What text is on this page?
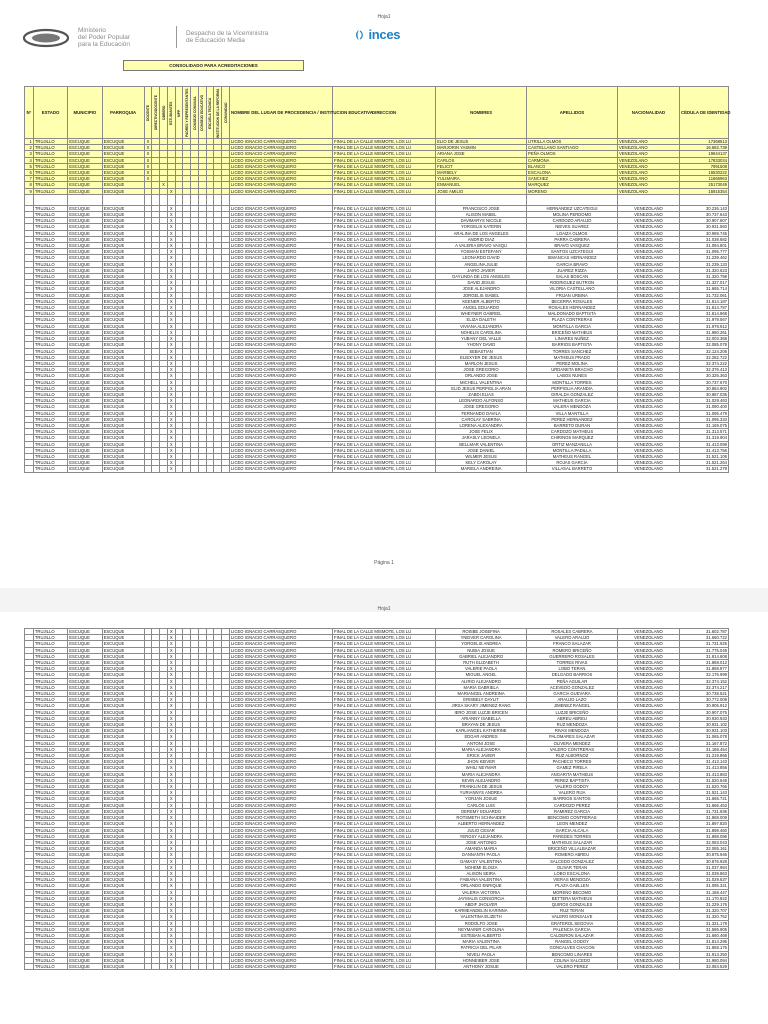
Hoja1
Ministerio
del Poder Popular
para la Educación
Despacho de la Viceministra
de Educación Media	inces
CONSOLIDADO PARA ACREDITACIONES
N°	ESTADO	MUNICIPIO	PARROQUIA	DOCENTE	DIRECTIVO/DOCENTE	OBRERO	ESTUDIANTES	MPP	PADRES Y REPRESENTANTES	CONSEJO COMUNAL	CONSEJO EDUCATIVO	ESCUELA TECNICA	INSTITUCION DE LA REFORMA	COMUNIDAD	NOMBRE DEL LUGAR DE PROCEDENCIA / INSTITUCION EDUCATIVA	DIRECCION	NOMBRES	APELLIDOS	NACIONALIDAD	CÉDULA DE IDENTIDAD
1	TRUJILLO	ESCUQUE	ESCUQUE	X											LICEO IGNACIO CARRASQUERO	FINAL DE LA CALLE MISMOTE, LOS LU	ELIO DE JESUS	UTRILLA OLMOS	VENEZOLANO	17368513
2	TRUJILLO	ESCUQUE	ESCUQUE	X											LICEO IGNACIO CARRASQUERO	FINAL DE LA CALLE MISMOTE, LOS LU	MARJORIN YASMIN	CASTELLANO SANTIAGO	VENEZOLANO	16.682.739
3	TRUJILLO	ESCUQUE	ESCUQUE	X											LICEO IGNACIO CARRASQUERO	FINAL DE LA CALLE MISMOTE, LOS LU	ARIANA JOSE	PEÑA OLMOS	VENEZOLANO	19644137
4	TRUJILLO	ESCUQUE	ESCUQUE	X											LICEO IGNACIO CARRASQUERO	FINAL DE LA CALLE MISMOTE, LOS LU	CARLOS	CARMONA	VENEZOLANO	17833034
5	TRUJILLO	ESCUQUE	ESCUQUE	X											LICEO IGNACIO CARRASQUERO	FINAL DE LA CALLE MISMOTE, LOS LU	FELICIT	BLANCO	VENEZOLANO	7991508
6	TRUJILLO	ESCUQUE	ESCUQUE	X											LICEO IGNACIO CARRASQUERO	FINAL DE LA CALLE MISMOTE, LOS LU	MARBELY	ESCALONA	VENEZOLANO	16530222
7	TRUJILLO	ESCUQUE	ESCUQUE	X											LICEO IGNACIO CARRASQUERO	FINAL DE LA CALLE MISMOTE, LOS LU	YULIMAIRA	SANCHEZ	VENEZOLANO	11666963
8	TRUJILLO	ESCUQUE	ESCUQUE			X									LICEO IGNACIO CARRASQUERO	FINAL DE LA CALLE MISMOTE, LOS LU	ENMANUEL	MARQUEZ	VENEZOLANO	25173049
9	TRUJILLO	ESCUQUE	ESCUQUE				X								LICEO IGNACIO CARRASQUERO	FINAL DE LA CALLE MISMOTE, LOS LU	JOSE AMILIO	MORENO	VENEZOLANO	15915354

	TRUJILLO	ESCUQUE	ESCUQUE				X								LICEO IGNACIO CARRASQUERO	FINAL DE LA CALLE MISMOTE, LOS LU	FRANCISCO JOSE	HERNANDEZ UZCATEGUI	VENEZOLANO	30.236.143
	TRUJILLO	ESCUQUE	ESCUQUE				X								LICEO IGNACIO CARRASQUERO	FINAL DE LA CALLE MISMOTE, LOS LU	ALISON MABEL	MOLINA PERDOMO	VENEZOLANO	30.737.643
	TRUJILLO	ESCUQUE	ESCUQUE				X								LICEO IGNACIO CARRASQUERO	FINAL DE LA CALLE MISMOTE, LOS LU	DAVIMARYS NICOLE	CARDOZO ARAUJO	VENEZOLANO	30.907.807
	TRUJILLO	ESCUQUE	ESCUQUE				X								LICEO IGNACIO CARRASQUERO	FINAL DE LA CALLE MISMOTE, LOS LU	YORGELIS KATERIN	NIEVES SUAREZ	VENEZOLANO	30.931.560
	TRUJILLO	ESCUQUE	ESCUQUE				X								LICEO IGNACIO CARRASQUERO	FINAL DE LA CALLE MISMOTE, LOS LU	ARALINA DE LOS ANGELES	LOAIZA OLMOS	VENEZOLANO	30.989.745
	TRUJILLO	ESCUQUE	ESCUQUE				X								LICEO IGNACIO CARRASQUERO	FINAL DE LA CALLE MISMOTE, LOS LU	ANDRID DIAZ	PARRA CABRERA	VENEZOLANO	31.039.682
	TRUJILLO	ESCUQUE	ESCUQUE				X								LICEO IGNACIO CARRASQUERO	FINAL DE LA CALLE MISMOTE, LOS LU	A VALERIA BRAVO VASQU	BRAVO VASQUEZ	VENEZOLANO	31.094.801
	TRUJILLO	ESCUQUE	ESCUQUE				X								LICEO IGNACIO CARRASQUERO	FINAL DE LA CALLE MISMOTE, LOS LU	YOSMAN ESTEFANY	SANTOS UZCATEGUI	VENEZOLANO	31.095.777
	TRUJILLO	ESCUQUE	ESCUQUE				X								LICEO IGNACIO CARRASQUERO	FINAL DE LA CALLE MISMOTE, LOS LU	LEONARDO DAVID	SIMANCAS HERNANDEZ	VENEZOLANO	31.239.462
	TRUJILLO	ESCUQUE	ESCUQUE				X								LICEO IGNACIO CARRASQUERO	FINAL DE LA CALLE MISMOTE, LOS LU	ANGELINA JULIE	GARCIA BRAVO	VENEZOLANO	31.239.133
	TRUJILLO	ESCUQUE	ESCUQUE				X								LICEO IGNACIO CARRASQUERO	FINAL DE LA CALLE MISMOTE, LOS LU	JAIRO JAVIER	JUAREZ RIZZA	VENEZOLANO	31.320.623
	TRUJILLO	ESCUQUE	ESCUQUE				X								LICEO IGNACIO CARRASQUERO	FINAL DE LA CALLE MISMOTE, LOS LU	DAYLINDA DE LOS ANGELES	SALAS BOSCAN	VENEZOLANO	31.320.798
	TRUJILLO	ESCUQUE	ESCUQUE				X								LICEO IGNACIO CARRASQUERO	FINAL DE LA CALLE MISMOTE, LOS LU	DAVID JESUS	RODRIGUEZ BUTRON	VENEZOLANO	31.327.017
	TRUJILLO	ESCUQUE	ESCUQUE				X								LICEO IGNACIO CARRASQUERO	FINAL DE LA CALLE MISMOTE, LOS LU	JOSE ALEJANDRO	VILORIA CASTELLANO	VENEZOLANO	31.665.714
	TRUJILLO	ESCUQUE	ESCUQUE				X								LICEO IGNACIO CARRASQUERO	FINAL DE LA CALLE MISMOTE, LOS LU	JORGELIS ISABEL	FRIJAN URBINA	VENEZOLANO	31.732.061
	TRUJILLO	ESCUQUE	ESCUQUE				X								LICEO IGNACIO CARRASQUERO	FINAL DE LA CALLE MISMOTE, LOS LU	KEENER ALBERTO	BECERRA ROSALES	VENEZOLANO	31.814.187
	TRUJILLO	ESCUQUE	ESCUQUE				X								LICEO IGNACIO CARRASQUERO	FINAL DE LA CALLE MISMOTE, LOS LU	ANGEL EDUARDO	ROSALES HERNANDEZ	VENEZOLANO	31.814.787
	TRUJILLO	ESCUQUE	ESCUQUE				X								LICEO IGNACIO CARRASQUERO	FINAL DE LA CALLE MISMOTE, LOS LU	WHEYNER GABRIEL	MALDONADO BAPTISTA	VENEZOLANO	31.814.868
	TRUJILLO	ESCUQUE	ESCUQUE				X								LICEO IGNACIO CARRASQUERO	FINAL DE LA CALLE MISMOTE, LOS LU	ELIZA DALETH	PLAZA CONTRERAS	VENEZOLANO	31.979.567
	TRUJILLO	ESCUQUE	ESCUQUE				X								LICEO IGNACIO CARRASQUERO	FINAL DE LA CALLE MISMOTE, LOS LU	VIVIANA ALEJANDRA	MONTILLA GARCIA	VENEZOLANO	31.979.912
	TRUJILLO	ESCUQUE	ESCUQUE				X								LICEO IGNACIO CARRASQUERO	FINAL DE LA CALLE MISMOTE, LOS LU	NOHELIS CAROLINA	BRICEÑO MATHEUS	VENEZOLANO	31.980.261
	TRUJILLO	ESCUQUE	ESCUQUE				X								LICEO IGNACIO CARRASQUERO	FINAL DE LA CALLE MISMOTE, LOS LU	YUBANY DEL VALLE	LINARES NUÑEZ	VENEZOLANO	32.003.368
	TRUJILLO	ESCUQUE	ESCUQUE				X								LICEO IGNACIO CARRASQUERO	FINAL DE LA CALLE MISMOTE, LOS LU	YHONY DAVID	BARRIOS BAPTISTA	VENEZOLANO	32.085.078
	TRUJILLO	ESCUQUE	ESCUQUE				X								LICEO IGNACIO CARRASQUERO	FINAL DE LA CALLE MISMOTE, LOS LU	SEBASTIAN	TORRES SANCHEZ	VENEZOLANO	32.124.206
	TRUJILLO	ESCUQUE	ESCUQUE				X								LICEO IGNACIO CARRASQUERO	FINAL DE LA CALLE MISMOTE, LOS LU	ELIEXYER DE JESUS	MATHEUS PRADO	VENEZOLANO	32.282.722
	TRUJILLO	ESCUQUE	ESCUQUE				X								LICEO IGNACIO CARRASQUERO	FINAL DE LA CALLE MISMOTE, LOS LU	MARLON JESUS	PEREZ MOLINA	VENEZOLANO	32.374.222
	TRUJILLO	ESCUQUE	ESCUQUE				X								LICEO IGNACIO CARRASQUERO	FINAL DE LA CALLE MISMOTE, LOS LU	JOSE GREGORIO	URDANETA BRACHO	VENEZOLANO	32.376.413
	TRUJILLO	ESCUQUE	ESCUQUE				X								LICEO IGNACIO CARRASQUERO	FINAL DE LA CALLE MISMOTE, LOS LU	ORLANDO JOSE	LABOS NUNES	VENEZOLANO	30.326.363
	TRUJILLO	ESCUQUE	ESCUQUE				X								LICEO IGNACIO CARRASQUERO	FINAL DE LA CALLE MISMOTE, LOS LU	MICHELL VALENTINA	MONTILLA TORRES	VENEZOLANO	30.737.670
	TRUJILLO	ESCUQUE	ESCUQUE				X								LICEO IGNACIO CARRASQUERO	FINAL DE LA CALLE MISMOTE, LOS LU	ELID JESUS PERPIGLIA ARAN	PERPIGLIA ARANDIA	VENEZOLANO	30.884.902
	TRUJILLO	ESCUQUE	ESCUQUE				X								LICEO IGNACIO CARRASQUERO	FINAL DE LA CALLE MISMOTE, LOS LU	ZABDI ELIAS	GIRALDA GONZALEZ	VENEZOLANO	30.887.035
	TRUJILLO	ESCUQUE	ESCUQUE				X								LICEO IGNACIO CARRASQUERO	FINAL DE LA CALLE MISMOTE, LOS LU	LEONARDO ALFONSO	MATHEUS GARCIA	VENEZOLANO	31.029.463
	TRUJILLO	ESCUQUE	ESCUQUE				X								LICEO IGNACIO CARRASQUERO	FINAL DE LA CALLE MISMOTE, LOS LU	JOSE GREGORIO	VALERA MENDOZA	VENEZOLANO	31.090.400
	TRUJILLO	ESCUQUE	ESCUQUE				X								LICEO IGNACIO CARRASQUERO	FINAL DE LA CALLE MISMOTE, LOS LU	FERNANDO DAVILA	VILLA MANTILLA	VENEZOLANO	31.095.479
	TRUJILLO	ESCUQUE	ESCUQUE				X								LICEO IGNACIO CARRASQUERO	FINAL DE LA CALLE MISMOTE, LOS LU	CAROLAY SABRINA	PEREZ HERNANDEZ	VENEZOLANO	31.095.333
	TRUJILLO	ESCUQUE	ESCUQUE				X								LICEO IGNACIO CARRASQUERO	FINAL DE LA CALLE MISMOTE, LOS LU	LORENA ALEXANDRA	BARRETO DURAN	VENEZOLANO	31.169.075
	TRUJILLO	ESCUQUE	ESCUQUE				X								LICEO IGNACIO CARRASQUERO	FINAL DE LA CALLE MISMOTE, LOS LU	JOSE FELIX	CARDOZO MATHEUS	VENEZOLANO	31.313.571
	TRUJILLO	ESCUQUE	ESCUQUE				X								LICEO IGNACIO CARRASQUERO	FINAL DE LA CALLE MISMOTE, LOS LU	JARASLY LEONELA	CHIRINOS MARQUEZ	VENEZOLANO	31.319.904
	TRUJILLO	ESCUQUE	ESCUQUE				X								LICEO IGNACIO CARRASQUERO	FINAL DE LA CALLE MISMOTE, LOS LU	BELLMAR VALENTINA	ORTIZ MANZANILLA	VENEZOLANO	31.413.099
	TRUJILLO	ESCUQUE	ESCUQUE				X								LICEO IGNACIO CARRASQUERO	FINAL DE LA CALLE MISMOTE, LOS LU	JOSE DANIEL	MONTILLA PADILLA	VENEZOLANO	31.413.756
	TRUJILLO	ESCUQUE	ESCUQUE				X								LICEO IGNACIO CARRASQUERO	FINAL DE LA CALLE MISMOTE, LOS LU	WILMER JESUS	MATHEUS RANGEL	VENEZOLANO	31.521.106
	TRUJILLO	ESCUQUE	ESCUQUE				X								LICEO IGNACIO CARRASQUERO	FINAL DE LA CALLE MISMOTE, LOS LU	KELY CAROLAY	ROJAS GARCIA	VENEZOLANO	31.521.264
	TRUJILLO	ESCUQUE	ESCUQUE				X								LICEO IGNACIO CARRASQUERO	FINAL DE LA CALLE MISMOTE, LOS LU	MARIELA ANDREINA	VILLASAL BARRETO	VENEZOLANO	31.521.278
Página 1
Hoja1
	TRUJILLO	ESCUQUE	ESCUQUE				X								LICEO IGNACIO CARRASQUERO	FINAL DE LA CALLE MISMOTE, LOS LU	ROSIBE JOSEFINA	ROSALES CABRERA	VENEZOLANO	31.602.787
	TRUJILLO	ESCUQUE	ESCUQUE				X								LICEO IGNACIO CARRASQUERO	FINAL DE LA CALLE MISMOTE, LOS LU	YNEIVER CAROLINA	VALERO ARAUJO	VENEZOLANO	31.660.722
	TRUJILLO	ESCUQUE	ESCUQUE				X								LICEO IGNACIO CARRASQUERO	FINAL DE LA CALLE MISMOTE, LOS LU	YORGELIS ANDREA	FRANCO SALAZAR	VENEZOLANO	31.731.925
	TRUJILLO	ESCUQUE	ESCUQUE				X								LICEO IGNACIO CARRASQUERO	FINAL DE LA CALLE MISMOTE, LOS LU	NUBIA JOSUE	ROMERO BRICEÑO	VENEZOLANO	31.775.049
	TRUJILLO	ESCUQUE	ESCUQUE				X								LICEO IGNACIO CARRASQUERO	FINAL DE LA CALLE MISMOTE, LOS LU	GABRIEL ALEJANDRO	GUERRERO ROSALES	VENEZOLANO	31.814.608
	TRUJILLO	ESCUQUE	ESCUQUE				X								LICEO IGNACIO CARRASQUERO	FINAL DE LA CALLE MISMOTE, LOS LU	RUTH ELIZABETH	TORRES RIVAS	VENEZOLANO	31.868.012
	TRUJILLO	ESCUQUE	ESCUQUE				X								LICEO IGNACIO CARRASQUERO	FINAL DE LA CALLE MISMOTE, LOS LU	VALERIE PAOLA	LOBO TERAN	VENEZOLANO	31.868.877
	TRUJILLO	ESCUQUE	ESCUQUE				X								LICEO IGNACIO CARRASQUERO	FINAL DE LA CALLE MISMOTE, LOS LU	MIGUEL ANGEL	DELGADO BARRIOS	VENEZOLANO	32.176.999
	TRUJILLO	ESCUQUE	ESCUQUE				X								LICEO IGNACIO CARRASQUERO	FINAL DE LA CALLE MISMOTE, LOS LU	ALIRIO ALEJANDRO	PEÑA AGUILAR	VENEZOLANO	32.374.152
	TRUJILLO	ESCUQUE	ESCUQUE				X								LICEO IGNACIO CARRASQUERO	FINAL DE LA CALLE MISMOTE, LOS LU	MARIA GABRIELA	ACEVEDO GONZALEZ	VENEZOLANO	32.374.217
	TRUJILLO	ESCUQUE	ESCUQUE				X								LICEO IGNACIO CARRASQUERO	FINAL DE LA CALLE MISMOTE, LOS LU	MARIANGEL ANDREINA	GARCIA GUEVARA	VENEZOLANO	30.738.521
	TRUJILLO	ESCUQUE	ESCUQUE				X								LICEO IGNACIO CARRASQUERO	FINAL DE LA CALLE MISMOTE, LOS LU	ERISBELY DAYLIT	ARAUJO LAZO	VENEZOLANO	30.772.008
	TRUJILLO	ESCUQUE	ESCUQUE				X								LICEO IGNACIO CARRASQUERO	FINAL DE LA CALLE MISMOTE, LOS LU	JIRSA SKARY JIMENEZ RANG	JIMENEZ RANGEL	VENEZOLANO	30.905.912
	TRUJILLO	ESCUQUE	ESCUQUE				X								LICEO IGNACIO CARRASQUERO	FINAL DE LA CALLE MISMOTE, LOS LU	IERO JOSE LUZJE BRICEN	LUZJE BRICEÑO	VENEZOLANO	30.907.075
	TRUJILLO	ESCUQUE	ESCUQUE				X								LICEO IGNACIO CARRASQUERO	FINAL DE LA CALLE MISMOTE, LOS LU	ARIANNY ISABELLA	ABREU ABREU	VENEZOLANO	30.930.933
	TRUJILLO	ESCUQUE	ESCUQUE				X								LICEO IGNACIO CARRASQUERO	FINAL DE LA CALLE MISMOTE, LOS LU	BRAYAN DE JESUS	RUZ MENDOZA	VENEZOLANO	30.931.102
	TRUJILLO	ESCUQUE	ESCUQUE				X								LICEO IGNACIO CARRASQUERO	FINAL DE LA CALLE MISMOTE, LOS LU	KARLIANGEL KATHERINE	RIVAS MENDOZA	VENEZOLANO	30.931.103
	TRUJILLO	ESCUQUE	ESCUQUE				X								LICEO IGNACIO CARRASQUERO	FINAL DE LA CALLE MISMOTE, LOS LU	EDGAR ANDRES	PALOMARES SALAZAR	VENEZOLANO	31.065.078
	TRUJILLO	ESCUQUE	ESCUQUE				X								LICEO IGNACIO CARRASQUERO	FINAL DE LA CALLE MISMOTE, LOS LU	ANTONI JOSE	OLIVERA MENDEZ	VENEZOLANO	31.167.872
	TRUJILLO	ESCUQUE	ESCUQUE				X								LICEO IGNACIO CARRASQUERO	FINAL DE LA CALLE MISMOTE, LOS LU	MARIA ALEJANDRA	VALERO CONTRERAS	VENEZOLANO	31.168.454
	TRUJILLO	ESCUQUE	ESCUQUE				X								LICEO IGNACIO CARRASQUERO	FINAL DE LA CALLE MISMOTE, LOS LU	ERICK JAVIER	RUZ ALBORNOZ	VENEZOLANO	31.219.866
	TRUJILLO	ESCUQUE	ESCUQUE				X								LICEO IGNACIO CARRASQUERO	FINAL DE LA CALLE MISMOTE, LOS LU	JHON KEIVER	PACHECO TORRES	VENEZOLANO	31.413.143
	TRUJILLO	ESCUQUE	ESCUQUE				X								LICEO IGNACIO CARRASQUERO	FINAL DE LA CALLE MISMOTE, LOS LU	WHILI NEYMAR	GAMEZ PIRELA	VENEZOLANO	31.413.856
	TRUJILLO	ESCUQUE	ESCUQUE				X								LICEO IGNACIO CARRASQUERO	FINAL DE LA CALLE MISMOTE, LOS LU	MARIA ALEJANDRA	ANGARITA MATHEUS	VENEZOLANO	31.413.883
	TRUJILLO	ESCUQUE	ESCUQUE				X								LICEO IGNACIO CARRASQUERO	FINAL DE LA CALLE MISMOTE, LOS LU	KEVIN ALEJANDRO	PEREZ BAPTISTA	VENEZOLANO	31.520.649
	TRUJILLO	ESCUQUE	ESCUQUE				X								LICEO IGNACIO CARRASQUERO	FINAL DE LA CALLE MISMOTE, LOS LU	FRANKLIN DE JESUS	VALERO GODOY	VENEZOLANO	31.520.766
	TRUJILLO	ESCUQUE	ESCUQUE				X								LICEO IGNACIO CARRASQUERO	FINAL DE LA CALLE MISMOTE, LOS LU	YURIANNYS ANDREA	VALERO RIJA	VENEZOLANO	31.521.143
	TRUJILLO	ESCUQUE	ESCUQUE				X								LICEO IGNACIO CARRASQUERO	FINAL DE LA CALLE MISMOTE, LOS LU	YORJAN JOSUE	BARRIOS SANTOS	VENEZOLANO	31.665.721
	TRUJILLO	ESCUQUE	ESCUQUE				X								LICEO IGNACIO CARRASQUERO	FINAL DE LA CALLE MISMOTE, LOS LU	CARLOS LUIS	CARDOZO PEREZ	VENEZOLANO	31.666.453
	TRUJILLO	ESCUQUE	ESCUQUE				X								LICEO IGNACIO CARRASQUERO	FINAL DE LA CALLE MISMOTE, LOS LU	DEREMY EDUARDO	RAMIREZ GARCIA	VENEZOLANO	31.731.936
	TRUJILLO	ESCUQUE	ESCUQUE				X								LICEO IGNACIO CARRASQUERO	FINAL DE LA CALLE MISMOTE, LOS LU	ROTSMETH SCHNAIDER	BENCOMO CONTRERAS	VENEZOLANO	31.868.009
	TRUJILLO	ESCUQUE	ESCUQUE				X								LICEO IGNACIO CARRASQUERO	FINAL DE LA CALLE MISMOTE, LOS LU	ALBERTO HERNANDEZ	LEON MENDEZ	VENEZOLANO	31.897.820
	TRUJILLO	ESCUQUE	ESCUQUE				X								LICEO IGNACIO CARRASQUERO	FINAL DE LA CALLE MISMOTE, LOS LU	JULIO CESAR	GARCIA ALCALA	VENEZOLANO	31.898.460
	TRUJILLO	ESCUQUE	ESCUQUE				X								LICEO IGNACIO CARRASQUERO	FINAL DE LA CALLE MISMOTE, LOS LU	YERGSY ALEJANDRA	PAREDES TORRES	VENEZOLANO	31.898.096
	TRUJILLO	ESCUQUE	ESCUQUE				X								LICEO IGNACIO CARRASQUERO	FINAL DE LA CALLE MISMOTE, LOS LU	JOSE ANTONIO	MATHEUS SALAZAR	VENEZOLANO	32.083.043
	TRUJILLO	ESCUQUE	ESCUQUE				X								LICEO IGNACIO CARRASQUERO	FINAL DE LA CALLE MISMOTE, LOS LU	AMANDA MARIA	BRICEÑO VILLALBAZAR	VENEZOLANO	32.085.161
	TRUJILLO	ESCUQUE	ESCUQUE				X								LICEO IGNACIO CARRASQUERO	FINAL DE LA CALLE MISMOTE, LOS LU	DANNANTH PAOLA	ROMERO ABREU	VENEZOLANO	30.875.946
	TRUJILLO	ESCUQUE	ESCUQUE				X								LICEO IGNACIO CARRASQUERO	FINAL DE LA CALLE MISMOTE, LOS LU	DAMASY VALENTINA	SALCEDO GONZALEZ	VENEZOLANO	30.876.928
	TRUJILLO	ESCUQUE	ESCUQUE				X								LICEO IGNACIO CARRASQUERO	FINAL DE LA CALLE MISMOTE, LOS LU	NOHEMI ELOIZA	OLIVAR TERAN	VENEZOLANO	31.037.984
	TRUJILLO	ESCUQUE	ESCUQUE				X								LICEO IGNACIO CARRASQUERO	FINAL DE LA CALLE MISMOTE, LOS LU	ALISON SEIRA	LOBO ESCALONA	VENEZOLANO	31.039.863
	TRUJILLO	ESCUQUE	ESCUQUE				X								LICEO IGNACIO CARRASQUERO	FINAL DE LA CALLE MISMOTE, LOS LU	FABIANA VALENTINA	VIERAS MENDOZA	VENEZOLANO	31.029.637
	TRUJILLO	ESCUQUE	ESCUQUE				X								LICEO IGNACIO CARRASQUERO	FINAL DE LA CALLE MISMOTE, LOS LU	ORLANDO ENRIQUE	PLAZA GAELLEN	VENEZOLANO	31.095.321
	TRUJILLO	ESCUQUE	ESCUQUE				X								LICEO IGNACIO CARRASQUERO	FINAL DE LA CALLE MISMOTE, LOS LU	VALERIA VICTORIA	MORENO BECOMO	VENEZOLANO	31.168.447
	TRUJILLO	ESCUQUE	ESCUQUE				X								LICEO IGNACIO CARRASQUERO	FINAL DE LA CALLE MISMOTE, LOS LU	JAYMALIS CONSORCIA	BETTERA MATHEUS	VENEZOLANO	31.170.822
	TRUJILLO	ESCUQUE	ESCUQUE				X								LICEO IGNACIO CARRASQUERO	FINAL DE LA CALLE MISMOTE, LOS LU	ABDIF JHOLVER	QUIROS GONZALES	VENEZOLANO	31.229.176
	TRUJILLO	ESCUQUE	ESCUQUE				X								LICEO IGNACIO CARRASQUERO	FINAL DE LA CALLE MISMOTE, LOS LU	KARMEANDELIN KARINNA	RUZ TERAN	VENEZOLANO	31.320.707
	TRUJILLO	ESCUQUE	ESCUQUE				X								LICEO IGNACIO CARRASQUERO	FINAL DE LA CALLE MISMOTE, LOS LU	VALENTINA ELIZETH	VALERO MONSALVE	VENEZOLANO	31.320.752
	TRUJILLO	ESCUQUE	ESCUQUE				X								LICEO IGNACIO CARRASQUERO	FINAL DE LA CALLE MISMOTE, LOS LU	RODOLFO JOSE	GRATEROL SEGOVIA	VENEZOLANO	31.321.178
	TRUJILLO	ESCUQUE	ESCUQUE				X								LICEO IGNACIO CARRASQUERO	FINAL DE LA CALLE MISMOTE, LOS LU	NEYMAINIR CAROLINA	PALENCIA GARCIA	VENEZOLANO	31.586.905
	TRUJILLO	ESCUQUE	ESCUQUE				X								LICEO IGNACIO CARRASQUERO	FINAL DE LA CALLE MISMOTE, LOS LU	ESTEBAN ALBERTO	CALDERON SALAZAR	VENEZOLANO	31.660.469
	TRUJILLO	ESCUQUE	ESCUQUE				X								LICEO IGNACIO CARRASQUERO	FINAL DE LA CALLE MISMOTE, LOS LU	MARIA VALENTINA	RANGEL GODOY	VENEZOLANO	31.814.295
	TRUJILLO	ESCUQUE	ESCUQUE				X								LICEO IGNACIO CARRASQUERO	FINAL DE LA CALLE MISMOTE, LOS LU	PATRICIA DEL PILAR	GONCALVES CHACON	VENEZOLANO	31.868.176
	TRUJILLO	ESCUQUE	ESCUQUE				X								LICEO IGNACIO CARRASQUERO	FINAL DE LA CALLE MISMOTE, LOS LU	NIVELI PAOLA	BENCOMO LINARES	VENEZOLANO	31.913.250
	TRUJILLO	ESCUQUE	ESCUQUE				X								LICEO IGNACIO CARRASQUERO	FINAL DE LA CALLE MISMOTE, LOS LU	HONNEIBER JOSE	COLINA SALCEDO	VENEZOLANO	31.980.094
	TRUJILLO	ESCUQUE	ESCUQUE				X								LICEO IGNACIO CARRASQUERO	FINAL DE LA CALLE MISMOTE, LOS LU	ANTHONY JOSUE	VALERO PEREZ	VENEZOLANO	32.084.529
